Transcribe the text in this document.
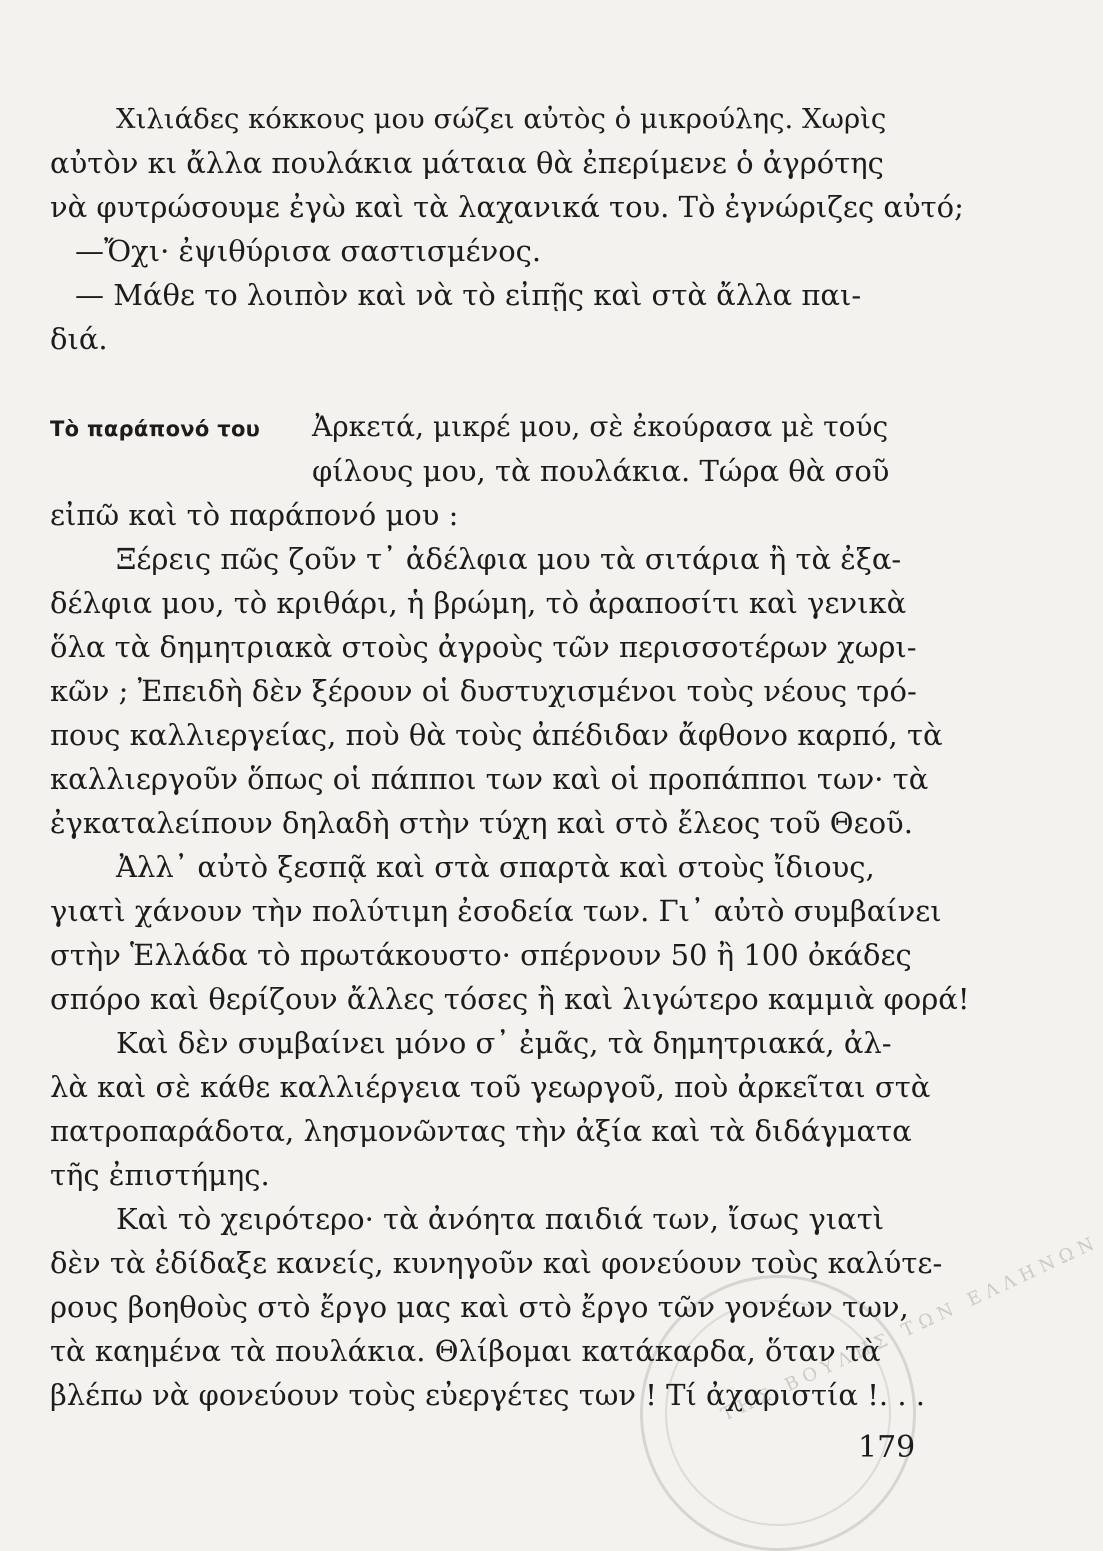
ΤΗΣ ΒΟΥΛΗΣ ΤΩΝ ΕΛΛΗΝΩΝ
Χιλιάδες κόκκους μου σώζει αὐτὸς ὁ μικρούλης. Χωρὶς
αὐτὸν κι ἄλλα πουλάκια μάταια θὰ ἐπερίμενε ὁ ἀγρότης
νὰ φυτρώσουμε ἐγὼ καὶ τὰ λαχανικά του. Τὸ ἐγνώριζες αὐτό;
—Ὄχι· ἐψιθύρισα σαστισμένος.
— Μάθε το λοιπὸν καὶ νὰ τὸ εἰπῇς καὶ στὰ ἄλλα παι-
διά.
Τὸ παράπονό του	Ἀρκετά, μικρέ μου, σὲ ἐκούρασα μὲ τούς
φίλους μου, τὰ πουλάκια. Τώρα θὰ σοῦ
εἰπῶ καὶ τὸ παράπονό μου :
Ξέρεις πῶς ζοῦν τ᾽ ἀδέλφια μου τὰ σιτάρια ἢ τὰ ἐξα-
δέλφια μου, τὸ κριθάρι, ἡ βρώμη, τὸ ἀραποσίτι καὶ γενικὰ
ὅλα τὰ δημητριακὰ στοὺς ἀγροὺς τῶν περισσοτέρων χωρι-
κῶν ; Ἐπειδὴ δὲν ξέρουν οἱ δυστυχισμένοι τοὺς νέους τρό-
πους καλλιεργείας, ποὺ θὰ τοὺς ἀπέδιδαν ἄφθονο καρπό, τὰ
καλλιεργοῦν ὅπως οἱ πάπποι των καὶ οἱ προπάπποι των· τὰ
ἐγκαταλείπουν δηλαδὴ στὴν τύχη καὶ στὸ ἔλεος τοῦ Θεοῦ.
Ἀλλ᾽ αὐτὸ ξεσπᾷ καὶ στὰ σπαρτὰ καὶ στοὺς ἴδιους,
γιατὶ χάνουν τὴν πολύτιμη ἐσοδεία των. Γι᾽ αὐτὸ συμβαίνει
στὴν Ἑλλάδα τὸ πρωτάκουστο· σπέρνουν 50 ἢ 100 ὀκάδες
σπόρο καὶ θερίζουν ἄλλες τόσες ἢ καὶ λιγώτερο καμμιὰ φορά!
Καὶ δὲν συμβαίνει μόνο σ᾽ ἐμᾶς, τὰ δημητριακά, ἀλ-
λὰ καὶ σὲ κάθε καλλιέργεια τοῦ γεωργοῦ, ποὺ ἀρκεῖται στὰ
πατροπαράδοτα, λησμονῶντας τὴν ἀξία καὶ τὰ διδάγματα
τῆς ἐπιστήμης.
Καὶ τὸ χειρότερο· τὰ ἀνόητα παιδιά των, ἴσως γιατὶ
δὲν τὰ ἐδίδαξε κανείς, κυνηγοῦν καὶ φονεύουν τοὺς καλύτε-
ρους βοηθοὺς στὸ ἔργο μας καὶ στὸ ἔργο τῶν γονέων των,
τὰ καημένα τὰ πουλάκια. Θλίβομαι κατάκαρδα, ὅταν τὰ
βλέπω νὰ φονεύουν τοὺς εὐεργέτες των ! Τί ἀχαριστία !. . .
179
